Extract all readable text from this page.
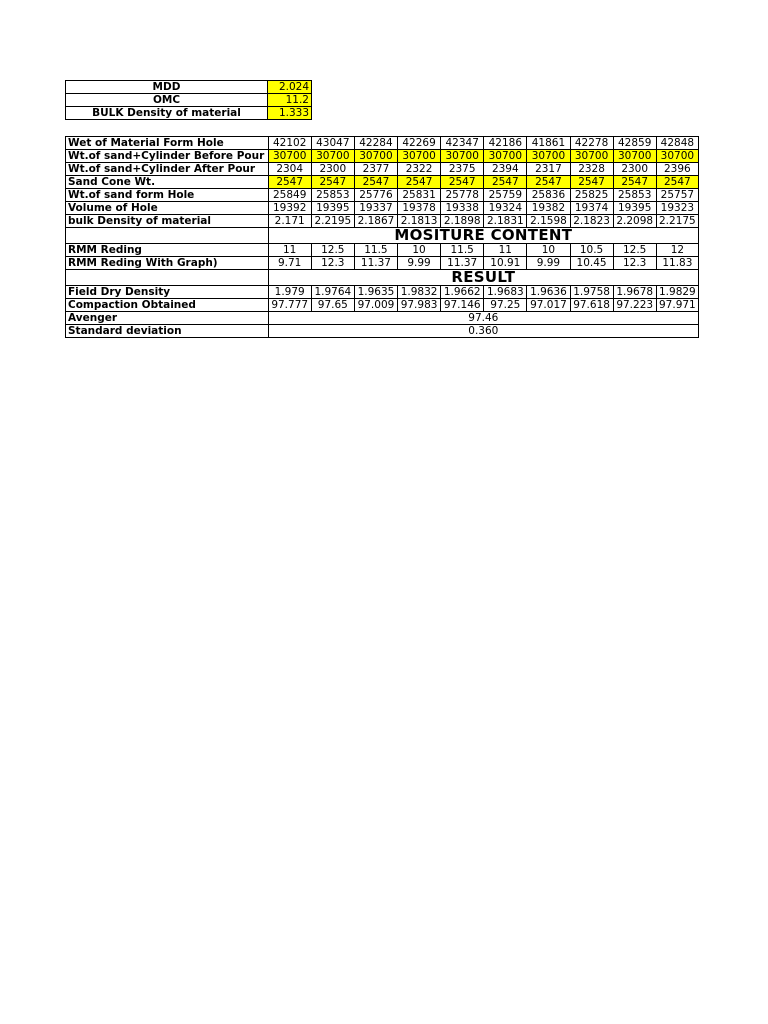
MDD	2.024
OMC	11.2
BULK Density of material	1.333
Wet of Material Form Hole	42102	43047	42284	42269	42347	42186	41861	42278	42859	42848
Wt.of sand+Cylinder Before Pour	30700	30700	30700	30700	30700	30700	30700	30700	30700	30700
Wt.of sand+Cylinder After Pour	2304	2300	2377	2322	2375	2394	2317	2328	2300	2396
Sand Cone Wt.	2547	2547	2547	2547	2547	2547	2547	2547	2547	2547
Wt.of sand form Hole	25849	25853	25776	25831	25778	25759	25836	25825	25853	25757
Volume of Hole	19392	19395	19337	19378	19338	19324	19382	19374	19395	19323
bulk Density of material	2.171	2.2195	2.1867	2.1813	2.1898	2.1831	2.1598	2.1823	2.2098	2.2175
	MOSITURE CONTENT									
RMM Reding	11	12.5	11.5	10	11.5	11	10	10.5	12.5	12
RMM Reding With Graph)	9.71	12.3	11.37	9.99	11.37	10.91	9.99	10.45	12.3	11.83
	RESULT									
Field Dry Density	1.979	1.9764	1.9635	1.9832	1.9662	1.9683	1.9636	1.9758	1.9678	1.9829
Compaction Obtained	97.777	97.65	97.009	97.983	97.146	97.25	97.017	97.618	97.223	97.971
Avenger	97.46									
Standard deviation	0.360									
